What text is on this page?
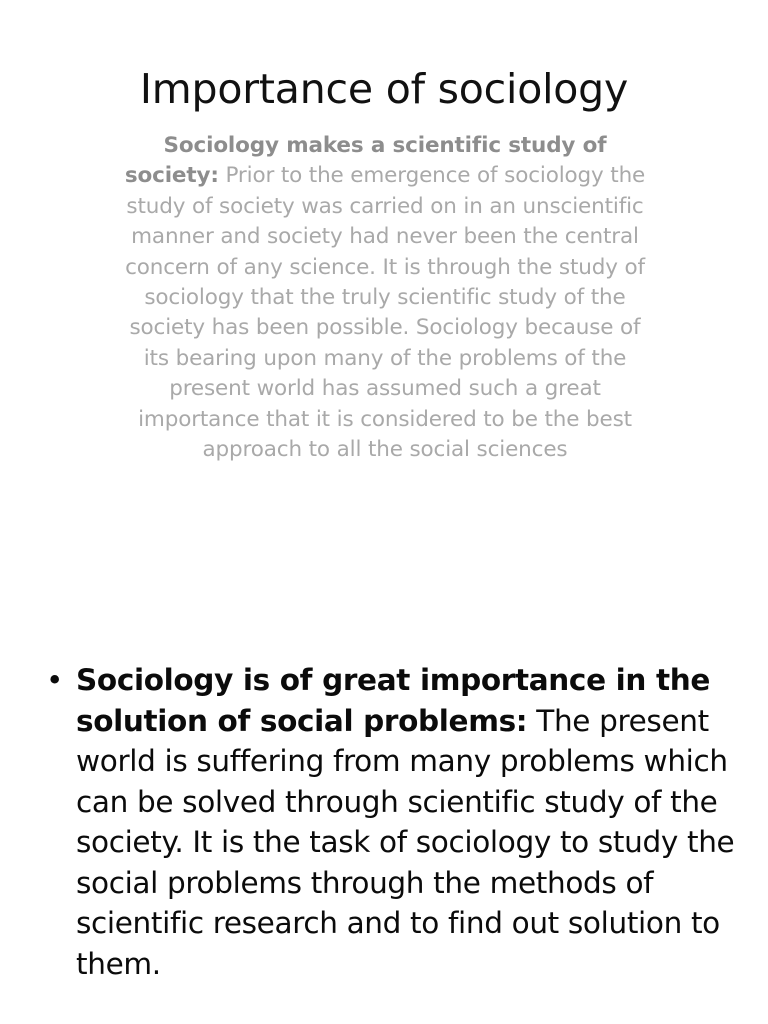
Importance of sociology
Sociology makes a scientific study of society: Prior to the emergence of sociology the study of society was carried on in an unscientific manner and society had never been the central concern of any science. It is through the study of sociology that the truly scientific study of the society has been possible. Sociology because of its bearing upon many of the problems of the present world has assumed such a great importance that it is considered to be the best approach to all the social sciences
• Sociology is of great importance in the solution of social problems: The present world is suffering from many problems which can be solved through scientific study of the society. It is the task of sociology to study the social problems through the methods of scientific research and to find out solution to them.
